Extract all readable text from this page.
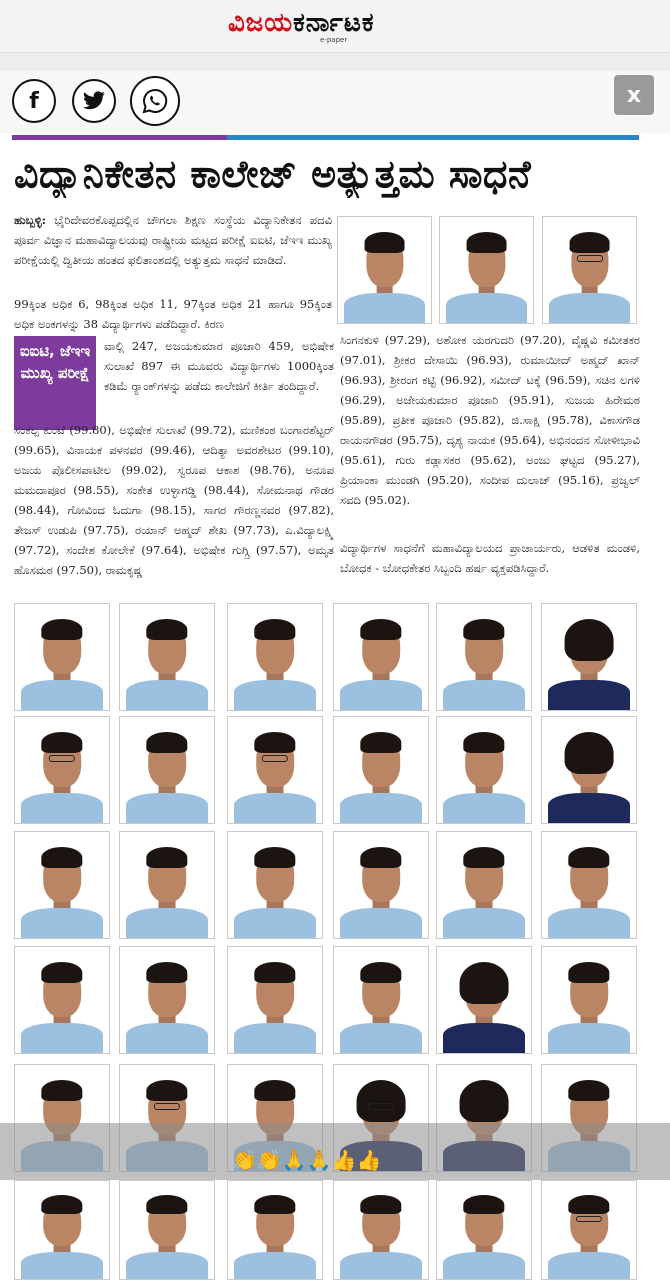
ವಿಜಯಕರ್ನಾಟಕ
e-paper
f	x
ವಿದ್ಯಾನಿಕೇತನ ಕಾಲೇಜ್‌ ಅತ್ಯುತ್ತಮ ಸಾಧನೆ
ಹುಬ್ಬಳ್ಳಿ: ಭೈರಿದೇವರಕೊಪ್ಪದಲ್ಲಿನ ಚೌಗಲಾ ಶಿಕ್ಷಣ ಸಂಸ್ಥೆಯ ವಿದ್ಯಾನಿಕೇತನ ಪದವಿ ಪೂರ್ವ ವಿಜ್ಞಾನ ಮಹಾವಿದ್ಯಾಲಯವು ರಾಷ್ಟ್ರೀಯ ಮಟ್ಟದ ಪರೀಕ್ಷೆ ಐಐಟಿ, ಜೆಇಇ ಮುಖ್ಯ ಪರೀಕ್ಷೆಯಲ್ಲಿ ದ್ವಿತೀಯ ಹಂತದ ಫಲಿತಾಂಶದಲ್ಲಿ ಅತ್ಯುತ್ತಮ ಸಾಧನೆ ಮಾಡಿದೆ.
99ಕ್ಕಿಂತ ಅಧಿಕ 6, 98ಕ್ಕಿಂತ ಅಧಿಕ 11, 97ಕ್ಕಿಂತ ಅಧಿಕ 21 ಹಾಗೂ 95ಕ್ಕಿಂತ ಅಧಿಕ ಅಂಕಗಳನ್ನು 38 ವಿದ್ಯಾರ್ಥಿಗಳು ಪಡೆದಿದ್ದಾರೆ. ಕಿರಣ
ಐಐಟಿ, ಜೆಇಇ ಮುಖ್ಯ ಪರೀಕ್ಷೆ
ವಾಲ್ಲಿ 247, ಅಜಯಕುಮಾರ ಪೂಜಾರಿ 459, ಅಭಿಷೇಕ ಸುಲಾಖೆ 897 ಈ ಮೂವರು ವಿದ್ಯಾರ್ಥಿಗಳು 1000ಕ್ಕಿಂತ ಕಡಿಮೆ ರ‍್ಯಾಂಕ್‌ಗಳನ್ನು ಪಡೆದು ಕಾಲೇಜಿಗೆ ಕೀರ್ತಿ ತಂದಿದ್ದಾರೆ.
ಸಂಕಲ್ಪ ಕುಂಟೆ (99.80), ಅಭಿಷೇಕ ಸುಲಾಖೆ (99.72), ಮಣಿಕಂಠ ಬಂಗಾರಶೆಟ್ಟರ್ (99.65), ವಿನಾಯಕ ಪಳನವರ (99.46), ಆದಿತ್ಯಾ ಅವರಶೇಟರ (99.10), ಅಜಯ ಪೊಲೀಸಪಾಟೀಲ (99.02), ಸ್ವರೂಪ ಆಕಾಶ (98.76), ಅನೂಪ ಮಮದಾಪೂರ (98.55), ಸಂಕೇತ ಉಳ್ಳಾಗಡ್ಡಿ (98.44), ಸೋಮನಾಥ ಗೌಡರ (98.44), ಗೋವಿಂದ ಓದುಗಾ (98.15), ಸಾಗರ ಗೌರಣ್ಣನವರ (97.82), ತೇಜಸ್ ಉಡುಪಿ (97.75), ರಯಾನ್ ಅಹ್ಮದ್ ಶೇಖ (97.73), ಎ.ವಿದ್ಯಾಲಕ್ಷ್ಮಿ (97.72), ಸಂದೇಶ ಕೋಲೇಕೆ (97.64), ಅಭಿಷೇಕ ಗುಗ್ಗ್ರಿ (97.57), ಅಮೃತ ಹೊಸಮಠ (97.50), ರಾಮಕೃಷ್ಣ
ಸಿಂಗನಕುಳಿ (97.29), ಅಶೋಕ ಯರಗುದರಿ (97.20), ವೈಷ್ಣವಿ ಕಮೀತಕರ (97.01), ಶ್ರೀಕರ ದೇಸಾಯಿ (96.93), ರುಮಾಯೀದ್ ಅಹ್ಮದ್ ಖಾನ್ (96.93), ಶ್ರೀರಂಗ ಕಟ್ಟಿ (96.92), ಸಮೀದ್ ಟಕ್ಕೆ (96.59), ಸಚಿನ ಲಗಳಿ (96.29), ಅಜೇಯಕುಮಾರ ಪೂಜಾರಿ (95.91), ಸುಜಯ ಹಿರೇಮಠ (95.89), ಪ್ರತೀಕ ಪೂಜಾರಿ (95.82), ಜಿ.ಸಾಕ್ಷಿ (95.78), ವಿಕಾಸಗೌಡ ರಾಯನಗೌಡರ (95.75), ದೃಶ್ಯ ನಾಯಕ (95.64), ಅಭಿನಂದನ ಸೋಳೀಭಾವಿ (95.61), ಗುರು ಕಡ್ಲಾಸಕರ (95.62), ಅಂಜು ಘಟ್ಟದ (95.27), ಪ್ರಿಯಾಂಕಾ ಮುಂಡಗಿ (95.20), ಸಂದೀಪ ದುಲಾಜ್ (95.16), ಪ್ರಜ್ವಲ್ ಸವದಿ (95.02).
ವಿದ್ಯಾರ್ಥಿಗಳ ಸಾಧನೆಗೆ ಮಹಾವಿದ್ಯಾಲಯದ ಪ್ರಾಚಾರ್ಯರು, ಆಡಳಿತ ಮಂಡಳಿ, ಬೋಧಕ - ಬೋಧಕೇತರ ಸಿಬ್ಬಂದಿ ಹರ್ಷ ವ್ಯಕ್ತಪಡಿಸಿದ್ದಾರೆ.
👏👏🙏🙏👍👍
